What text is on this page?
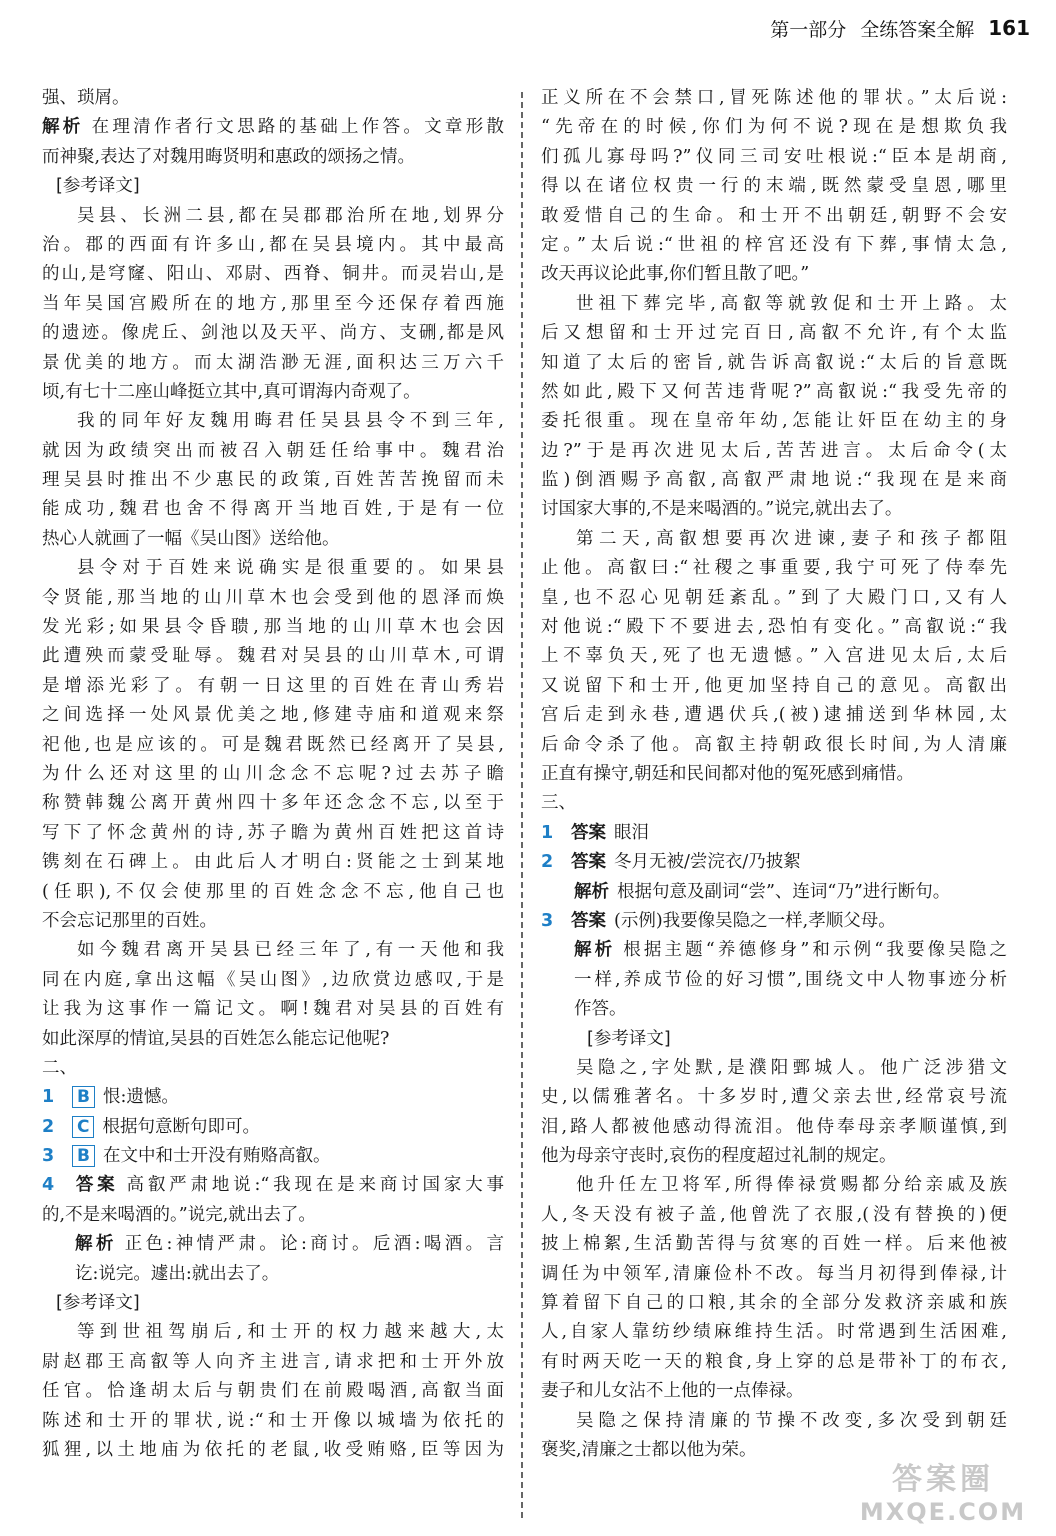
第一部分 全练答案全解 161
强、琐屑。
解析 在理清作者行文思路的基础上作答。文章形散
而神聚,表达了对魏用晦贤明和惠政的颂扬之情。
[参考译文]
吴县、长洲二县,都在吴郡郡治所在地,划界分
治。郡的西面有许多山,都在吴县境内。其中最高
的山,是穹窿、阳山、邓尉、西脊、铜井。而灵岩山,是
当年吴国宫殿所在的地方,那里至今还保存着西施
的遗迹。像虎丘、剑池以及天平、尚方、支硎,都是风
景优美的地方。而太湖浩渺无涯,面积达三万六千
顷,有七十二座山峰挺立其中,真可谓海内奇观了。
我的同年好友魏用晦君任吴县县令不到三年,
就因为政绩突出而被召入朝廷任给事中。魏君治
理吴县时推出不少惠民的政策,百姓苦苦挽留而未
能成功,魏君也舍不得离开当地百姓,于是有一位
热心人就画了一幅《吴山图》送给他。
县令对于百姓来说确实是很重要的。如果县
令贤能,那当地的山川草木也会受到他的恩泽而焕
发光彩;如果县令昏聩,那当地的山川草木也会因
此遭殃而蒙受耻辱。魏君对吴县的山川草木,可谓
是增添光彩了。有朝一日这里的百姓在青山秀岩
之间选择一处风景优美之地,修建寺庙和道观来祭
祀他,也是应该的。可是魏君既然已经离开了吴县,
为什么还对这里的山川念念不忘呢?过去苏子瞻
称赞韩魏公离开黄州四十多年还念念不忘,以至于
写下了怀念黄州的诗,苏子瞻为黄州百姓把这首诗
镌刻在石碑上。由此后人才明白:贤能之士到某地
(任职),不仅会使那里的百姓念念不忘,他自己也
不会忘记那里的百姓。
如今魏君离开吴县已经三年了,有一天他和我
同在内庭,拿出这幅《吴山图》,边欣赏边感叹,于是
让我为这事作一篇记文。啊!魏君对吴县的百姓有
如此深厚的情谊,吴县的百姓怎么能忘记他呢?
二、
1 B 恨:遗憾。
2 C 根据句意断句即可。
3 B 在文中和士开没有贿赂高叡。
4 答案 高叡严肃地说:“我现在是来商讨国家大事
的,不是来喝酒的。”说完,就出去了。
解析 正色:神情严肃。论:商讨。卮酒:喝酒。言
讫:说完。遽出:就出去了。
[参考译文]
等到世祖驾崩后,和士开的权力越来越大,太
尉赵郡王高叡等人向齐主进言,请求把和士开外放
任官。恰逢胡太后与朝贵们在前殿喝酒,高叡当面
陈述和士开的罪状,说:“和士开像以城墙为依托的
狐狸,以土地庙为依托的老鼠,收受贿赂,臣等因为
正义所在不会禁口,冒死陈述他的罪状。”太后说:
“先帝在的时候,你们为何不说?现在是想欺负我
们孤儿寡母吗?”仪同三司安吐根说:“臣本是胡商,
得以在诸位权贵一行的末端,既然蒙受皇恩,哪里
敢爱惜自己的生命。和士开不出朝廷,朝野不会安
定。”太后说:“世祖的梓宫还没有下葬,事情太急,
改天再议论此事,你们暂且散了吧。”
世祖下葬完毕,高叡等就敦促和士开上路。太
后又想留和士开过完百日,高叡不允许,有个太监
知道了太后的密旨,就告诉高叡说:“太后的旨意既
然如此,殿下又何苦违背呢?”高叡说:“我受先帝的
委托很重。现在皇帝年幼,怎能让奸臣在幼主的身
边?”于是再次进见太后,苦苦进言。太后命令(太
监)倒酒赐予高叡,高叡严肃地说:“我现在是来商
讨国家大事的,不是来喝酒的。”说完,就出去了。
第二天,高叡想要再次进谏,妻子和孩子都阻
止他。高叡曰:“社稷之事重要,我宁可死了侍奉先
皇,也不忍心见朝廷紊乱。”到了大殿门口,又有人
对他说:“殿下不要进去,恐怕有变化。”高叡说:“我
上不辜负天,死了也无遗憾。”入宫进见太后,太后
又说留下和士开,他更加坚持自己的意见。高叡出
宫后走到永巷,遭遇伏兵,(被)逮捕送到华林园,太
后命令杀了他。高叡主持朝政很长时间,为人清廉
正直有操守,朝廷和民间都对他的冤死感到痛惜。
三、
1 答案 眼泪
2 答案 冬月无被/尝浣衣/乃披絮
解析 根据句意及副词“尝”、连词“乃”进行断句。
3 答案 (示例)我要像吴隐之一样,孝顺父母。
解析 根据主题“养德修身”和示例“我要像吴隐之
一样,养成节俭的好习惯”,围绕文中人物事迹分析
作答。
[参考译文]
吴隐之,字处默,是濮阳鄄城人。他广泛涉猎文
史,以儒雅著名。十多岁时,遭父亲去世,经常哀号流
泪,路人都被他感动得流泪。他侍奉母亲孝顺谨慎,到
他为母亲守丧时,哀伤的程度超过礼制的规定。
他升任左卫将军,所得俸禄赏赐都分给亲戚及族
人,冬天没有被子盖,他曾洗了衣服,(没有替换的)便
披上棉絮,生活勤苦得与贫寒的百姓一样。后来他被
调任为中领军,清廉俭朴不改。每当月初得到俸禄,计
算着留下自己的口粮,其余的全部分发救济亲戚和族
人,自家人靠纺纱绩麻维持生活。时常遇到生活困难,
有时两天吃一天的粮食,身上穿的总是带补丁的布衣,
妻子和儿女沾不上他的一点俸禄。
吴隐之保持清廉的节操不改变,多次受到朝廷
褒奖,清廉之士都以他为荣。
答案圈
MXQE.COM
